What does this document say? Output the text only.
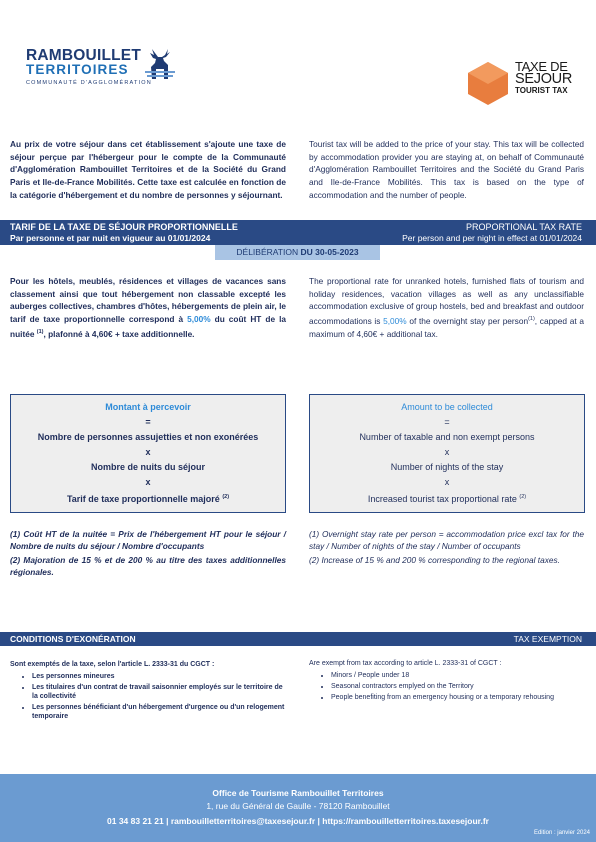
RAMBOUILLET
TERRITOIRES
COMMUNAUTÉ D'AGGLOMÉRATION
TAXE DE
SÉJOUR
TOURIST TAX
Au prix de votre séjour dans cet établissement s'ajoute une taxe de séjour perçue par l'hébergeur pour le compte de la Communauté d'Agglomération Rambouillet Territoires et de la Société du Grand Paris et Ile-de-France Mobilités. Cette taxe est calculée en fonction de la catégorie d'hébergement et du nombre de personnes y séjournant.
Tourist tax will be added to the price of your stay. This tax will be collected by accommodation provider you are staying at, on behalf of Communauté d'Agglomération Rambouillet Territoires and the Société du Grand Paris and Ile-de-France Mobilités. This tax is based on the type of accommodation and the number of people.
TARIF DE LA TAXE DE SÉJOUR PROPORTIONNELLE
Par personne et par nuit en vigueur au 01/01/2024
PROPORTIONAL TAX RATE
Per person and per night in effect at 01/01/2024
DÉLIBÉRATION DU 30-05-2023
Pour les hôtels, meublés, résidences et villages de vacances sans classement ainsi que tout hébergement non classable excepté les auberges collectives, chambres d'hôtes, hébergements de plein air, le tarif de taxe proportionnelle correspond à 5,00% du coût HT de la nuitée $^{(1)}$, plafonné à 4,60€ + taxe additionnelle.
The proportional rate for unranked hotels, furnished flats of tourism and holiday residences, vacation villages as well as any unclassifiable accommodation exclusive of group hostels, bed and breakfast and outdoor accommodations is 5,00% of the overnight stay per person$^{(1)}$, capped at a maximum of 4,60€ + additional tax.
Montant à percevoir
=
Nombre de personnes assujetties et non exonérées
x
Nombre de nuits du séjour
x
Tarif de taxe proportionnelle majoré $^{(2)}$
Amount to be collected
=
Number of taxable and non exempt persons
x
Number of nights of the stay
x
Increased tourist tax proportional rate $^{(2)}$

(1) Coût HT de la nuitée = Prix de l'hébergement HT pour le séjour / Nombre de nuits du séjour / Nombre d'occupants

(2) Majoration de 15 % et de 200 % au titre des taxes additionnelles régionales.

(1) Overnight stay rate per person = accommodation price excl tax for the stay / Number of nights of the stay / Number of occupants

(2) Increase of 15 % and 200 % corresponding to the regional taxes.

CONDITIONS D'EXONÉRATION	TAX EXEMPTION
Sont exemptés de la taxe, selon l'article L. 2333-31 du CGCT :
• Les personnes mineures
• Les titulaires d'un contrat de travail saisonnier employés sur le territoire de la collectivité
• Les personnes bénéficiant d'un hébergement d'urgence ou d'un relogement temporaire
Are exempt from tax according to article L. 2333-31 of CGCT :
• Minors / People under 18
• Seasonal contractors emplyed on the Territory
• People benefiting from an emergency housing or a temporary rehousing
Office de Tourisme Rambouillet Territoires
1, rue du Général de Gaulle - 78120 Rambouillet
01 34 83 21 21 | rambouilletterritoires@taxesejour.fr | https://rambouilletterritoires.taxesejour.fr
Edition : janvier 2024
